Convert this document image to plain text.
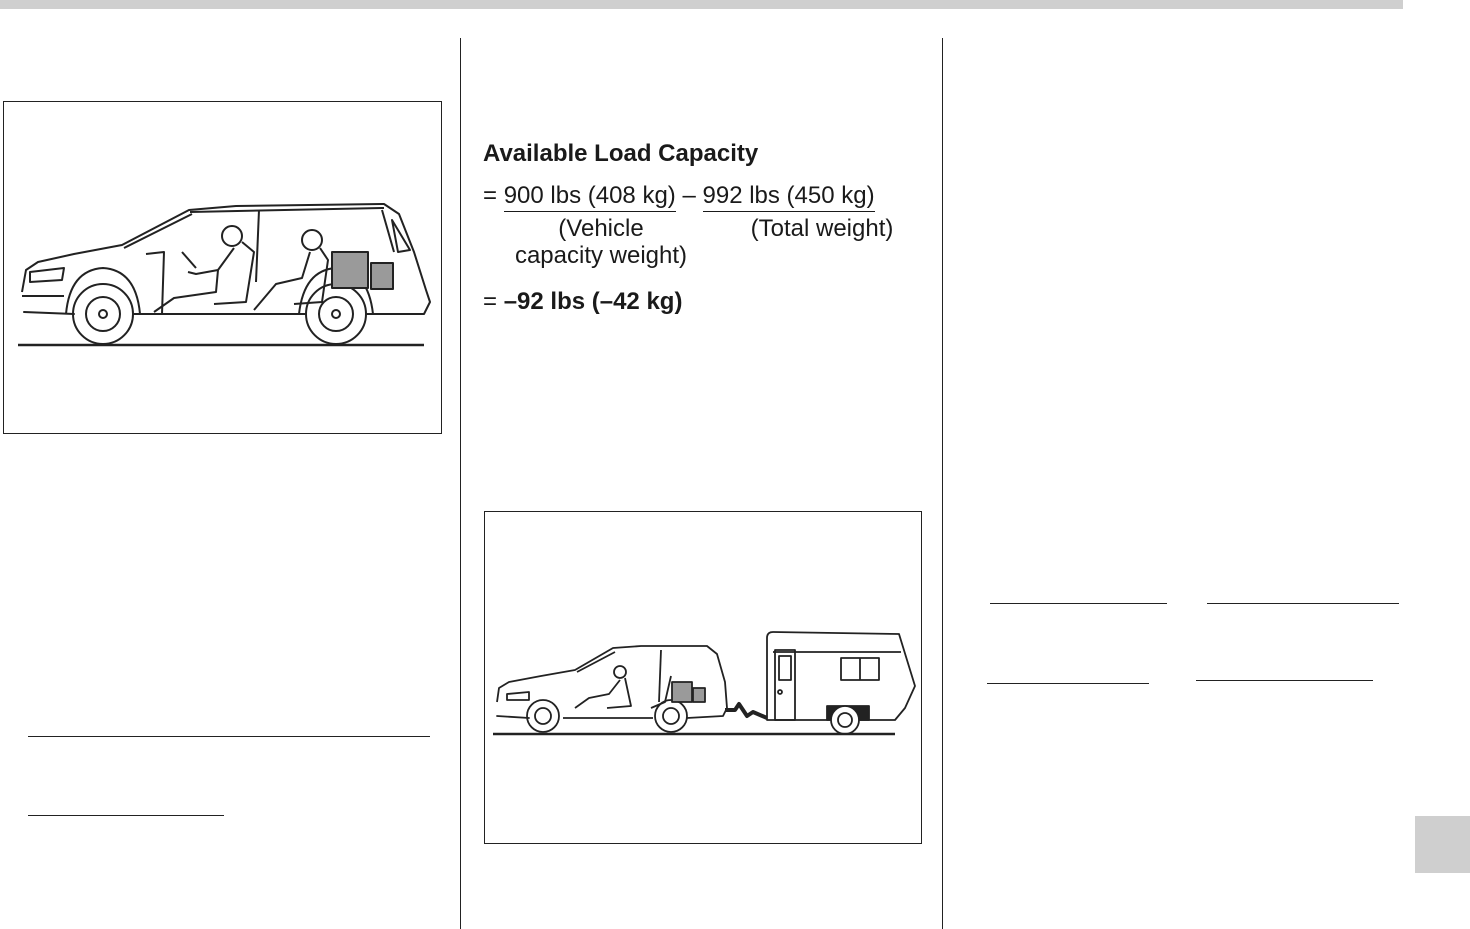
Available Load Capacity
= 900 lbs (408 kg) – 992 lbs (450 kg)
(Vehicle
capacity weight)
(Total weight)
= –92 lbs (–42 kg)
